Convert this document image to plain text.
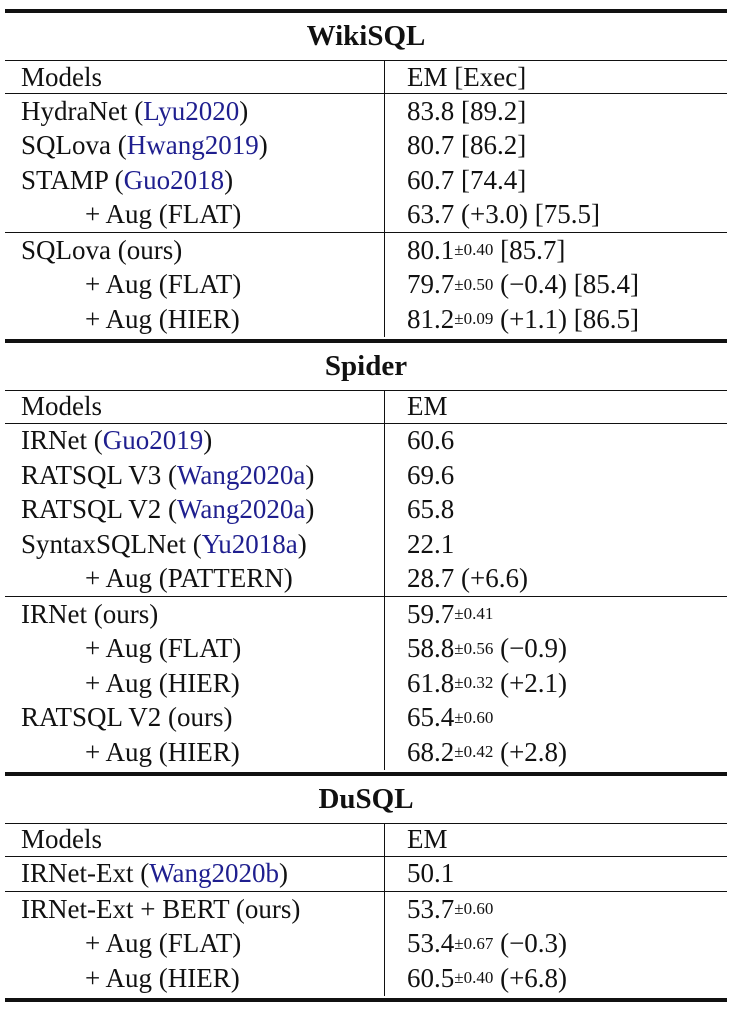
WikiSQL
Models	EM [Exec]
HydraNet ( Lyu2020 )	83.8 [89.2]
SQLova ( Hwang2019 )	80.7 [86.2]
STAMP ( Guo2018 )	60.7 [74.4]
+ Aug (FLAT)	63.7 (+3.0) [75.5]
SQLova (ours)	80.1 ±0.40 [85.7]
+ Aug (FLAT)	79.7 ±0.50 (−0.4) [85.4]
+ Aug (HIER)	81.2 ±0.09 (+1.1) [86.5]
Spider
Models	EM
IRNet ( Guo2019 )	60.6
RATSQL V3 ( Wang2020a )	69.6
RATSQL V2 ( Wang2020a )	65.8
SyntaxSQLNet ( Yu2018a )	22.1
+ Aug (PATTERN)	28.7 (+6.6)
IRNet (ours)	59.7 ±0.41
+ Aug (FLAT)	58.8 ±0.56 (−0.9)
+ Aug (HIER)	61.8 ±0.32 (+2.1)
RATSQL V2 (ours)	65.4 ±0.60
+ Aug (HIER)	68.2 ±0.42 (+2.8)
DuSQL
Models	EM
IRNet-Ext ( Wang2020b )	50.1
IRNet-Ext + BERT (ours)	53.7 ±0.60
+ Aug (FLAT)	53.4 ±0.67 (−0.3)
+ Aug (HIER)	60.5 ±0.40 (+6.8)
